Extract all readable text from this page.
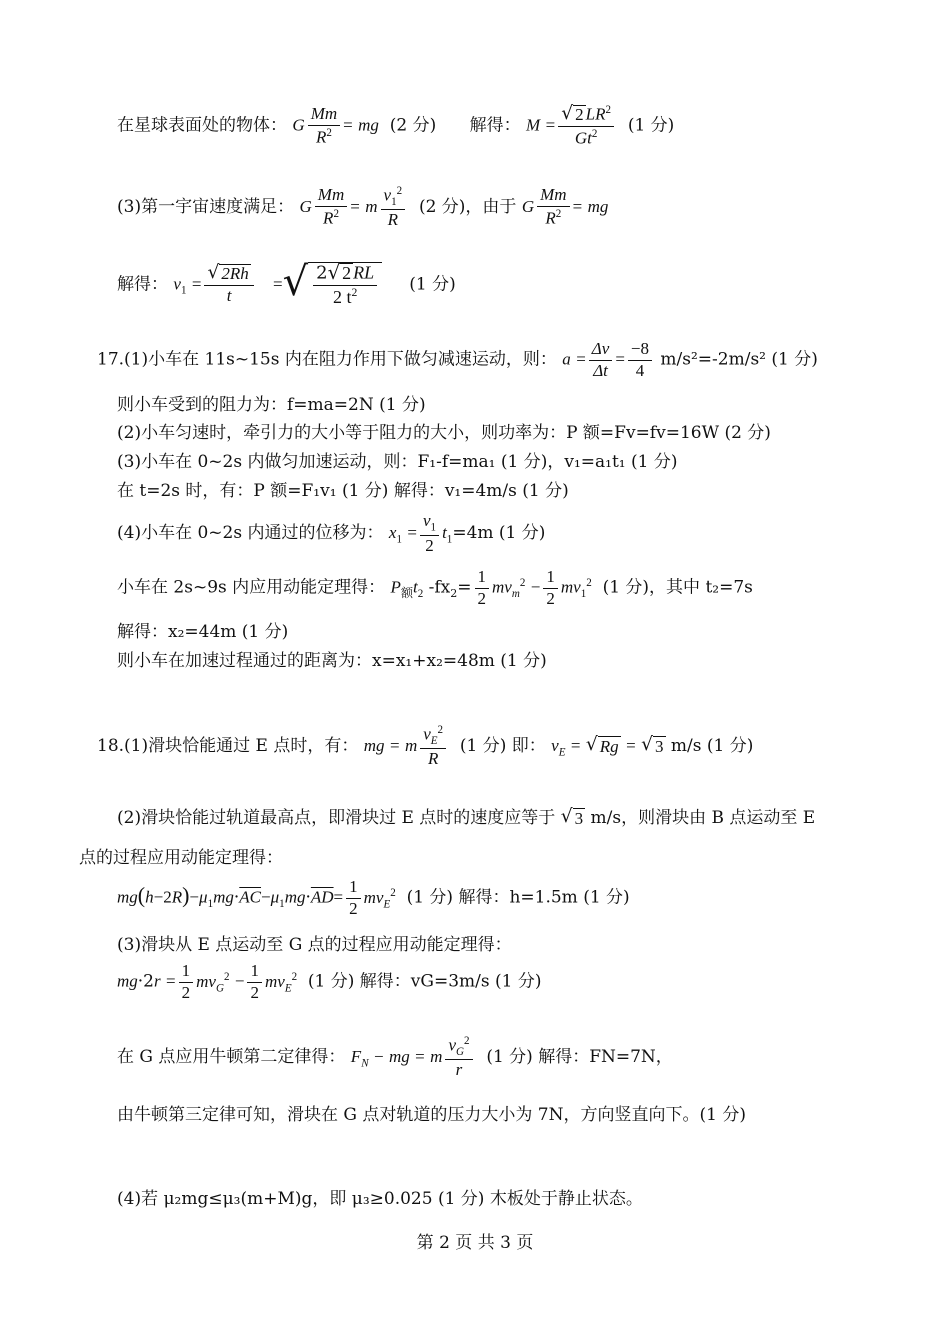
在星球表面处的物体： G $\frac{Mm}{R^2}$ = mg (2 分) 解得： $M = \frac{√ 2 LR^2}{Gt^2} (1$ 分)
(3)第一宇宙速度满足： G $\frac{Mm}{R^2} = m \frac{v_1^2}{R} (2$ 分)，由于 G $\frac{Mm}{R^2}$ = mg
解得： $v_1 = \frac{√ 2Rh}{t}$ = √ $\frac{2 √ 2 RL}{2 t^2} (1$ 分)
17.(1)小车在 11s~15s 内在阻力作用下做匀减速运动，则： $a = \frac{\Delta v}{\Delta t} = \frac{-8}{4} m/s^2=-2m/s^2$ (1 分)
则小车受到的阻力为：f=ma=2N (1 分)
(2)小车匀速时，牵引力的大小等于阻力的大小，则功率为：P 额=Fv=fv=16W (2 分)
(3)小车在 0~2s 内做匀加速运动，则：F₁-f=ma₁ (1 分)，v₁=a₁t₁ (1 分)
在 t=2s 时，有：P 额=F₁v₁ (1 分) 解得：v₁=4m/s (1 分)
(4)小车在 0~2s 内通过的位移为： $x_1 = \frac{v_1}{2} t_1=4m$ (1 分)
小车在 2s~9s 内应用动能定理得： $P_额t_2$ $-fx_2= \frac{1}{2} mv_m^2 - \frac{1}{2} mv_1^2$ (1 分)，其中 t₂=7s
解得：x₂=44m (1 分)
则小车在加速过程通过的距离为：x=x₁+x₂=48m (1 分)
18.(1)滑块恰能通过 E 点时，有： mg = m $\frac{v_E^2}{R} (1$ 分) 即： $v_E$ = √ Rg = √ 3 m/s (1 分)
(2)滑块恰能过轨道最高点，即滑块过 E 点时的速度应等于 √ 3 m/s，则滑块由 B 点运动至 E
点的过程应用动能定理得：
$mg(h-2R)-\mu_1mg\cdot\overline{AC}-\mu_1mg\cdot\overline{AD}= \frac{1}{2} mv_E^2$ (1 分) 解得：h=1.5m (1 分)
(3)滑块从 E 点运动至 G 点的过程应用动能定理得：
$mg\cdot 2r = \frac{1}{2} mv_G^2 - \frac{1}{2} mv_E^2$ (1 分) 解得：vG=3m/s (1 分)
在 G 点应用牛顿第二定律得： $F_N$ − mg = m $\frac{v_G^2}{r} (1$ 分) 解得：FN=7N，
由牛顿第三定律可知，滑块在 G 点对轨道的压力大小为 7N，方向竖直向下。(1 分)
(4)若 μ₂mg≤μ₃(m+M)g，即 μ₃≥0.025 (1 分) 木板处于静止状态。
第 2 页 共 3 页
